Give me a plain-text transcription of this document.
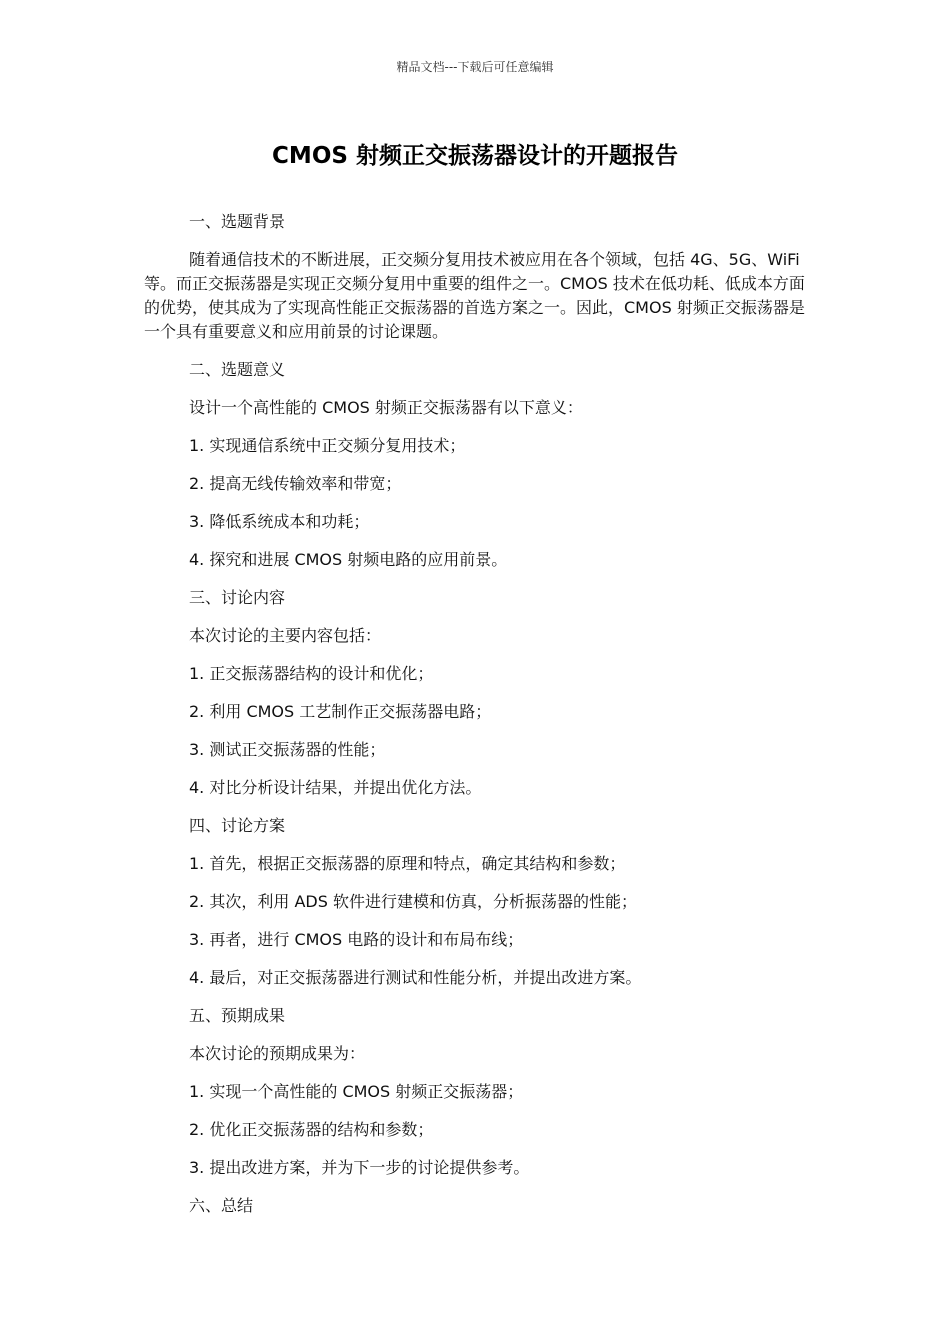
精品文档---下载后可任意编辑
CMOS 射频正交振荡器设计的开题报告
一、选题背景
随着通信技术的不断进展，正交频分复用技术被应用在各个领域，包括 4G、5G、WiFi 等。而正交振荡器是实现正交频分复用中重要的组件之一。CMOS 技术在低功耗、低成本方面的优势，使其成为了实现高性能正交振荡器的首选方案之一。因此，CMOS 射频正交振荡器是一个具有重要意义和应用前景的讨论课题。
二、选题意义
设计一个高性能的 CMOS 射频正交振荡器有以下意义：
1. 实现通信系统中正交频分复用技术；
2. 提高无线传输效率和带宽；
3. 降低系统成本和功耗；
4. 探究和进展 CMOS 射频电路的应用前景。
三、讨论内容
本次讨论的主要内容包括：
1. 正交振荡器结构的设计和优化；
2. 利用 CMOS 工艺制作正交振荡器电路；
3. 测试正交振荡器的性能；
4. 对比分析设计结果，并提出优化方法。
四、讨论方案
1. 首先，根据正交振荡器的原理和特点，确定其结构和参数；
2. 其次，利用 ADS 软件进行建模和仿真，分析振荡器的性能；
3. 再者，进行 CMOS 电路的设计和布局布线；
4. 最后，对正交振荡器进行测试和性能分析，并提出改进方案。
五、预期成果
本次讨论的预期成果为：
1. 实现一个高性能的 CMOS 射频正交振荡器；
2. 优化正交振荡器的结构和参数；
3. 提出改进方案，并为下一步的讨论提供参考。
六、总结
